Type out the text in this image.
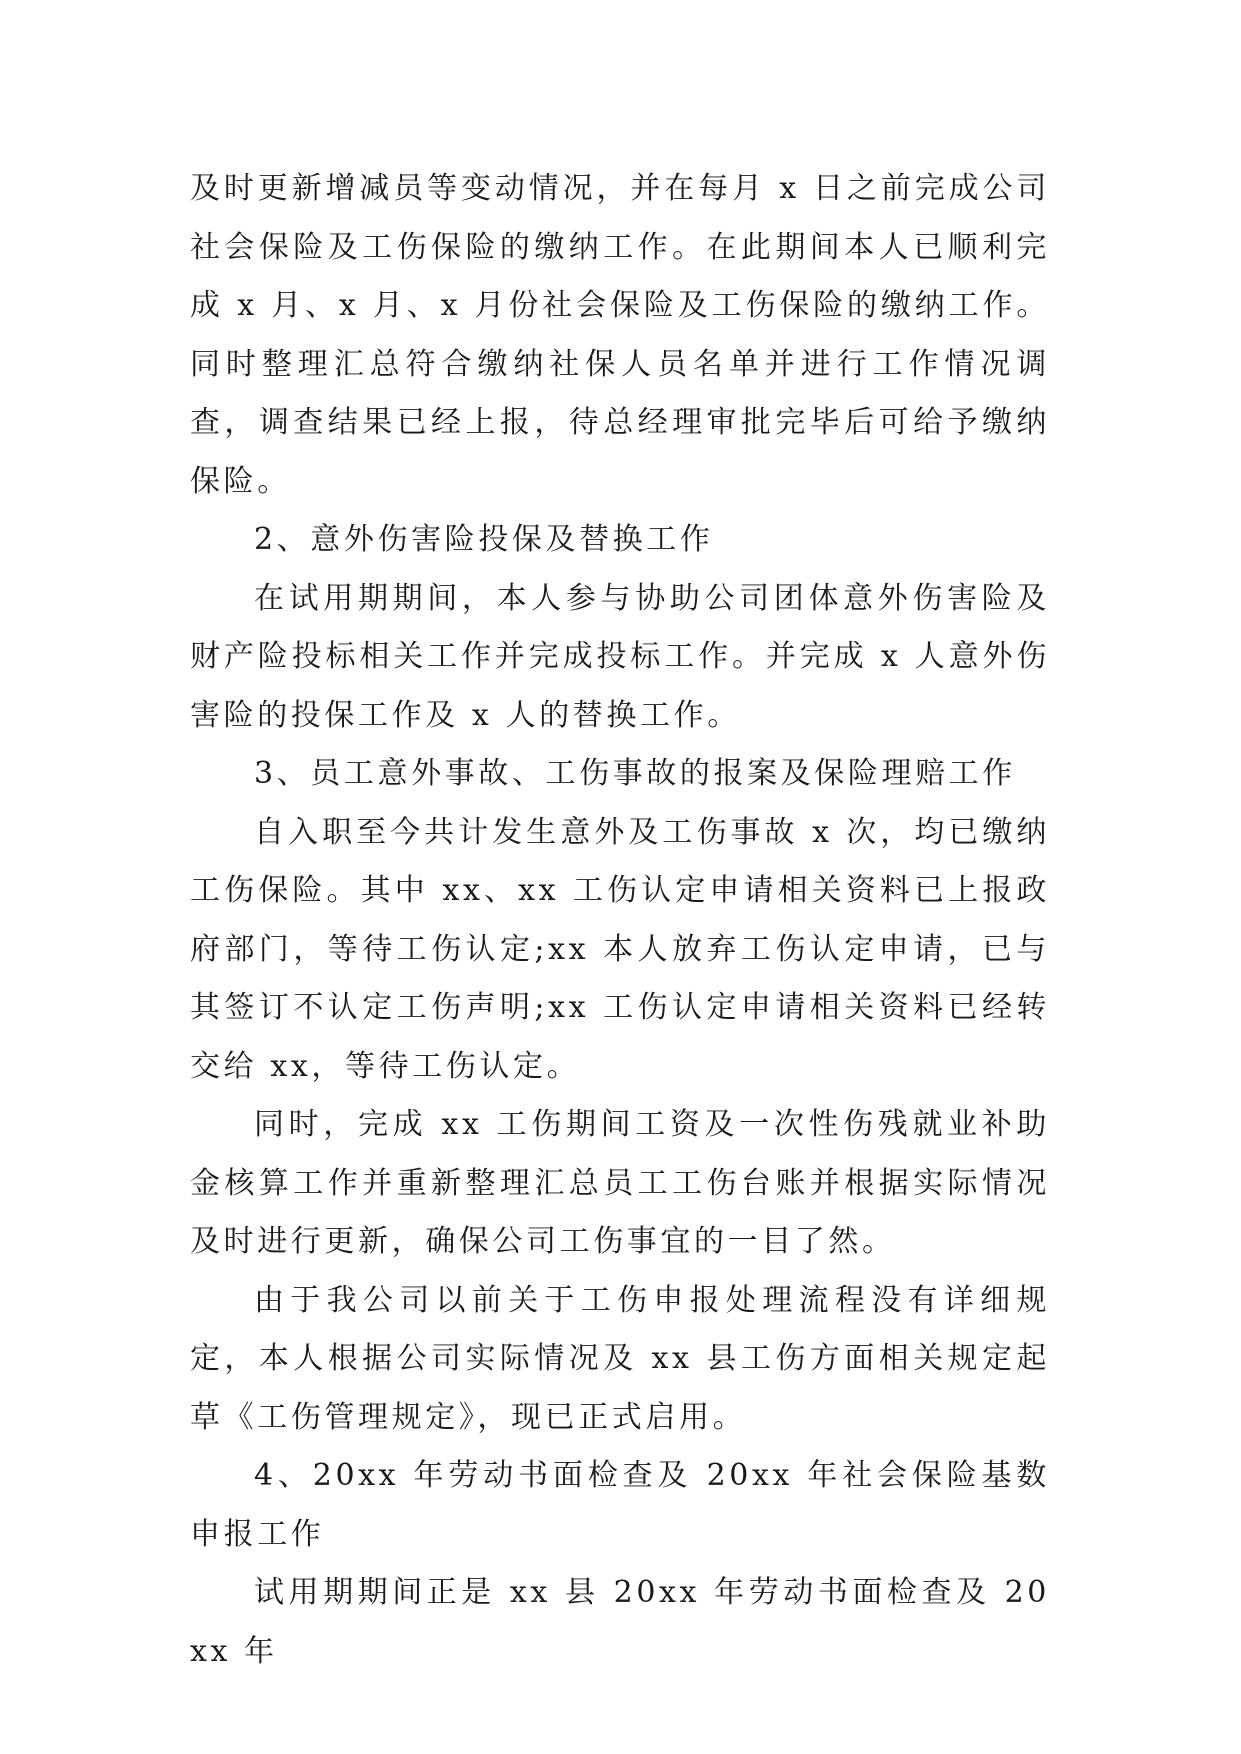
及时更新增减员等变动情况，并在每月 x 日之前完成公司社会保险及工伤保险的缴纳工作。在此期间本人已顺利完成 x 月、x 月、x 月份社会保险及工伤保险的缴纳工作。同时整理汇总符合缴纳社保人员名单并进行工作情况调查，调查结果已经上报，待总经理审批完毕后可给予缴纳保险。

2、意外伤害险投保及替换工作

在试用期期间，本人参与协助公司团体意外伤害险及财产险投标相关工作并完成投标工作。并完成 x 人意外伤害险的投保工作及 x 人的替换工作。

3、员工意外事故、工伤事故的报案及保险理赔工作

自入职至今共计发生意外及工伤事故 x 次，均已缴纳工伤保险。其中 xx、xx 工伤认定申请相关资料已上报政府部门，等待工伤认定;xx 本人放弃工伤认定申请，已与其签订不认定工伤声明;xx 工伤认定申请相关资料已经转交给 xx，等待工伤认定。

同时，完成 xx 工伤期间工资及一次性伤残就业补助金核算工作并重新整理汇总员工工伤台账并根据实际情况及时进行更新，确保公司工伤事宜的一目了然。

由于我公司以前关于工伤申报处理流程没有详细规定，本人根据公司实际情况及 xx 县工伤方面相关规定起草《工伤管理规定》，现已正式启用。

4、20xx 年劳动书面检查及 20xx 年社会保险基数申报工作

试用期期间正是 xx 县 20xx 年劳动书面检查及 20xx 年
